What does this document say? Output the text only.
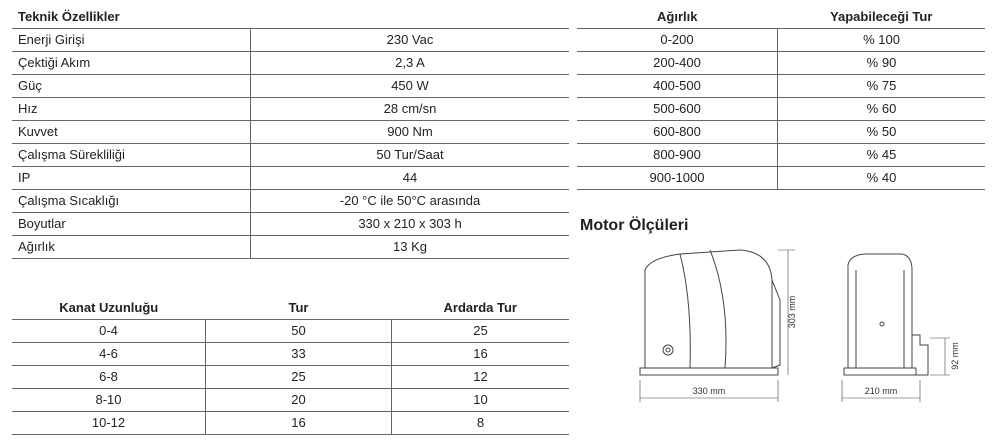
Teknik Özellikler	
Enerji Girişi	230 Vac
Çektiği Akım	2,3 A
Güç	450 W
Hız	28 cm/sn
Kuvvet	900 Nm
Çalışma Sürekliliği	50 Tur/Saat
IP	44
Çalışma Sıcaklığı	-20 °C ile 50°C arasında
Boyutlar	330 x 210 x 303 h
Ağırlık	13 Kg
Ağırlık	Yapabileceği Tur
0-200	% 100
200-400	% 90
400-500	% 75
500-600	% 60
600-800	% 50
800-900	% 45
900-1000	% 40
Kanat Uzunluğu	Tur	Ardarda Tur
0-4	50	25
4-6	33	16
6-8	25	12
8-10	20	10
10-12	16	8
Motor Ölçüleri
303 mm
330 mm
92 mm
210 mm
